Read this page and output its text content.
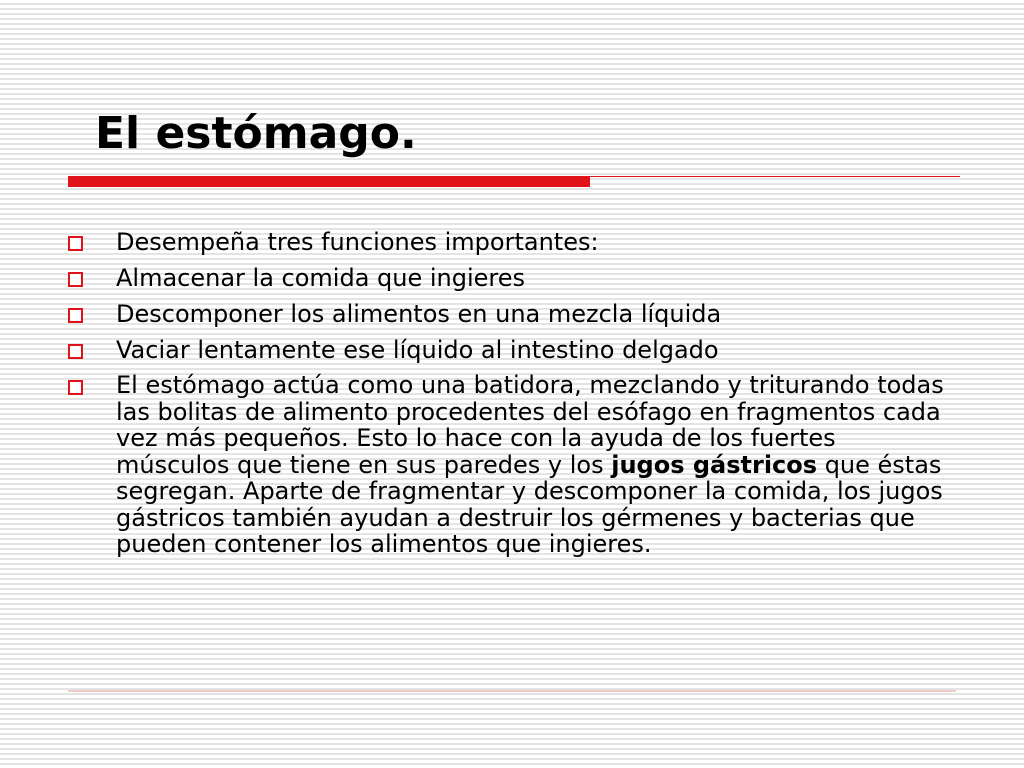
El estómago.
Desempeña tres funciones importantes:
Almacenar la comida que ingieres
Descomponer los alimentos en una mezcla líquida
Vaciar lentamente ese líquido al intestino delgado
El estómago actúa como una batidora, mezclando y triturando todas las bolitas de alimento procedentes del esófago en fragmentos cada vez más pequeños. Esto lo hace con la ayuda de los fuertes músculos que tiene en sus paredes y los jugos gástricos que éstas segregan. Aparte de fragmentar y descomponer la comida, los jugos gástricos también ayudan a destruir los gérmenes y bacterias que pueden contener los alimentos que ingieres.
